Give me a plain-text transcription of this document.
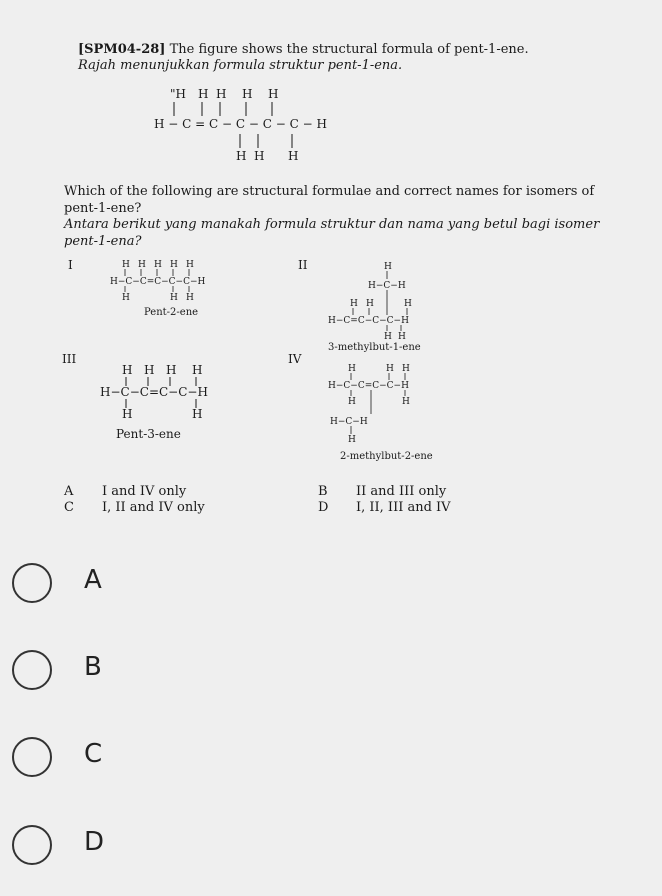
[SPM04-28] The figure shows the structural formula of pent-1-ene.
Rajah menunjukkan formula struktur pent-1-ena.
"H H H H H
H − C = C − C − C − C − H
H H H
Which of the following are structural formulae and correct names for isomers of
pent-1-ene?
Antara berikut yang manakah formula struktur dan nama yang betul bagi isomer
pent-1-ena?
I	H H H H H
H−C−C=C−C−C−H
H	H H
Pent-2-ene
II	H
H−C−H
H H	H
H−C=C−C−C−H
H H
3-methylbut-1-ene
III
H H H H
H−C−C=C−C−H
H	H
Pent-3-ene
IV
H	H H
H−C−C=C−C−H
H	H
H−C−H
H
2-methylbut-2-ene
A I and IV only	B II and III only
C I, II and IV only	D I, II, III and IV
A
B
C
D
